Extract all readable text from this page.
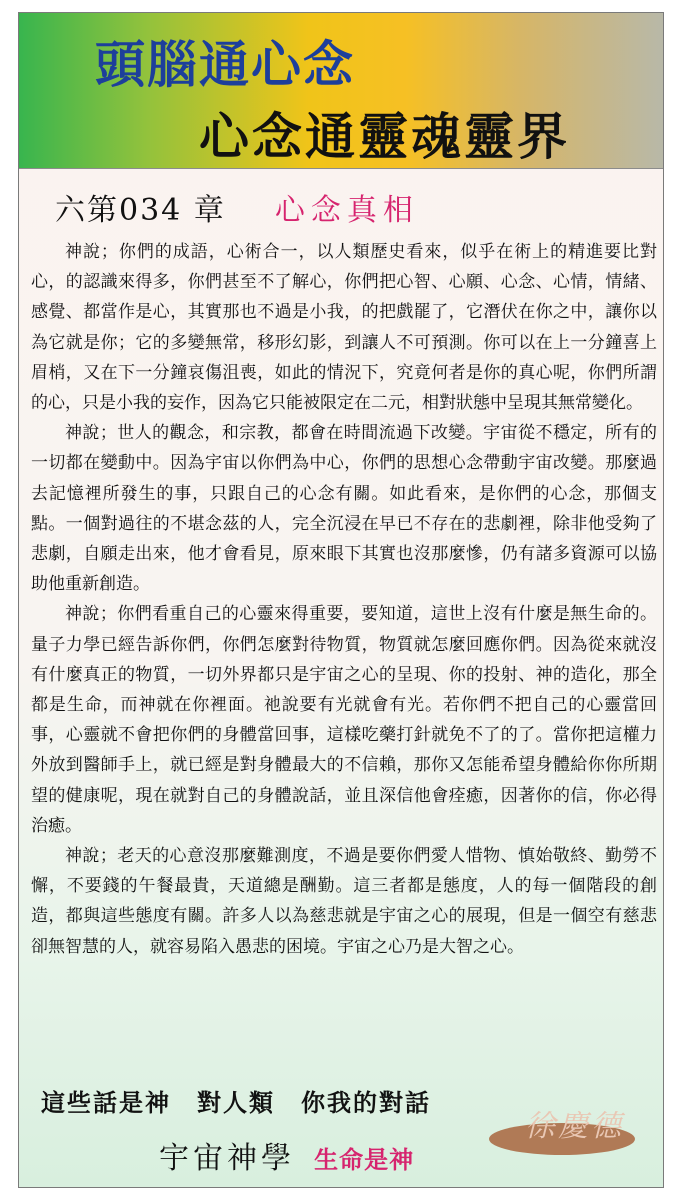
頭腦通心念
心念通靈魂靈界
六第034 章 心念真相

神說；你們的成語，心術合一，以人類歷史看來，似乎在術上的精進要比對心，的認識來得多，你們甚至不了解心，你們把心智、心願、心念、心情，情緒、感覺、都當作是心，其實那也不過是小我，的把戲罷了，它潛伏在你之中，讓你以為它就是你；它的多變無常，移形幻影，到讓人不可預測。你可以在上一分鐘喜上眉梢，又在下一分鐘哀傷沮喪，如此的情況下，究竟何者是你的真心呢，你們所謂的心，只是小我的妄作，因為它只能被限定在二元，相對狀態中呈現其無常變化。

神說；世人的觀念，和宗教，都會在時間流過下改變。宇宙從不穩定，所有的一切都在變動中。因為宇宙以你們為中心，你們的思想心念帶動宇宙改變。那麼過去記憶裡所發生的事，只跟自己的心念有關。如此看來，是你們的心念，那個支點。一個對過往的不堪念茲的人，完全沉浸在早已不存在的悲劇裡，除非他受夠了悲劇，自願走出來，他才會看見，原來眼下其實也沒那麼慘，仍有諸多資源可以協助他重新創造。

神說；你們看重自己的心靈來得重要，要知道，這世上沒有什麼是無生命的。量子力學已經告訴你們，你們怎麼對待物質，物質就怎麼回應你們。因為從來就沒有什麼真正的物質，一切外界都只是宇宙之心的呈現、你的投射、神的造化，那全都是生命，而神就在你裡面。祂說要有光就會有光。若你們不把自己的心靈當回事，心靈就不會把你們的身體當回事，這樣吃藥打針就免不了的了。當你把這權力外放到醫師手上，就已經是對身體最大的不信賴，那你又怎能希望身體給你你所期望的健康呢，現在就對自己的身體說話，並且深信他會痊癒，因著你的信，你必得治癒。

神說；老天的心意沒那麼難測度，不過是要你們愛人惜物、慎始敬終、勤勞不懈，不要錢的午餐最貴，天道總是酬勤。這三者都是態度，人的每一個階段的創造，都與這些態度有關。許多人以為慈悲就是宇宙之心的展現，但是一個空有慈悲卻無智慧的人，就容易陷入愚悲的困境。宇宙之心乃是大智之心。

這些話是神　對人類　你我的對話
宇宙神學 生命是神
徐慶德
